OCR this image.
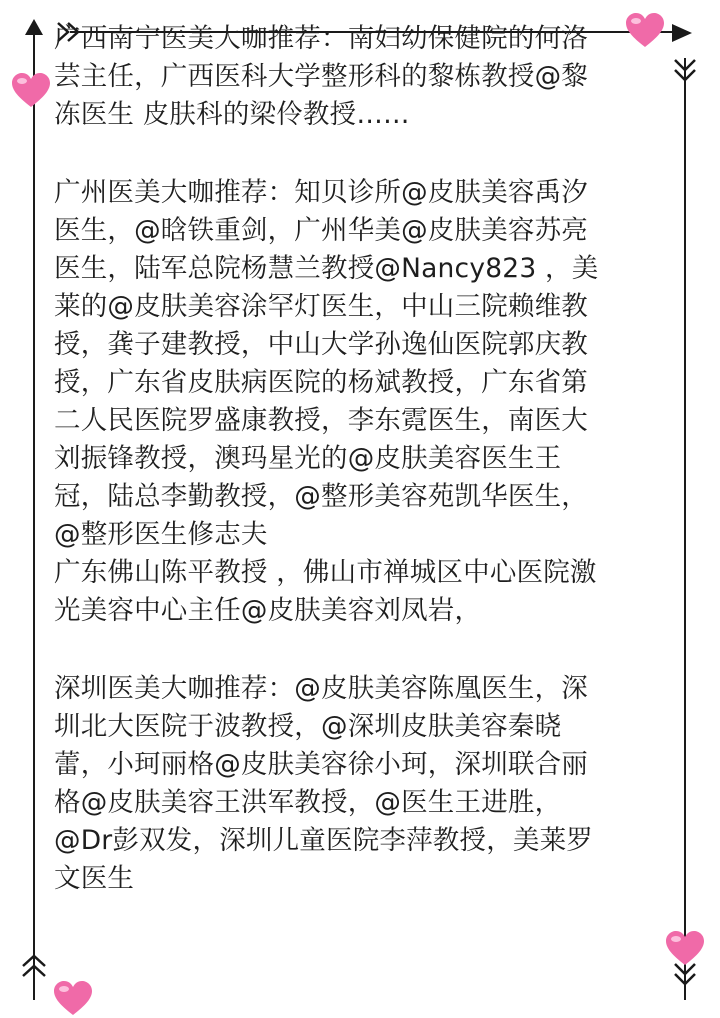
广西南宁医美大咖推荐：南妇幼保健院的何洛
芸主任，广西医科大学整形科的黎栋教授@黎
冻医生 皮肤科的梁伶教授……
广州医美大咖推荐：知贝诊所@皮肤美容禹汐
医生，@晗铁重剑，广州华美@皮肤美容苏亮
医生，陆军总院杨慧兰教授@Nancy823 ，美
莱的@皮肤美容涂罕灯医生，中山三院赖维教
授，龚子建教授，中山大学孙逸仙医院郭庆教
授，广东省皮肤病医院的杨斌教授，广东省第
二人民医院罗盛康教授，李东霓医生，南医大
刘振锋教授，澳玛星光的@皮肤美容医生王
冠，陆总李勤教授，@整形美容苑凯华医生，
@整形医生修志夫
广东佛山陈平教授 ，佛山市禅城区中心医院激
光美容中心主任@皮肤美容刘凤岩，
深圳医美大咖推荐：@皮肤美容陈凰医生，深
圳北大医院于波教授，@深圳皮肤美容秦晓
蕾，小珂丽格@皮肤美容徐小珂，深圳联合丽
格@皮肤美容王洪军教授，@医生王进胜，
@Dr彭双发，深圳儿童医院李萍教授，美莱罗
文医生
